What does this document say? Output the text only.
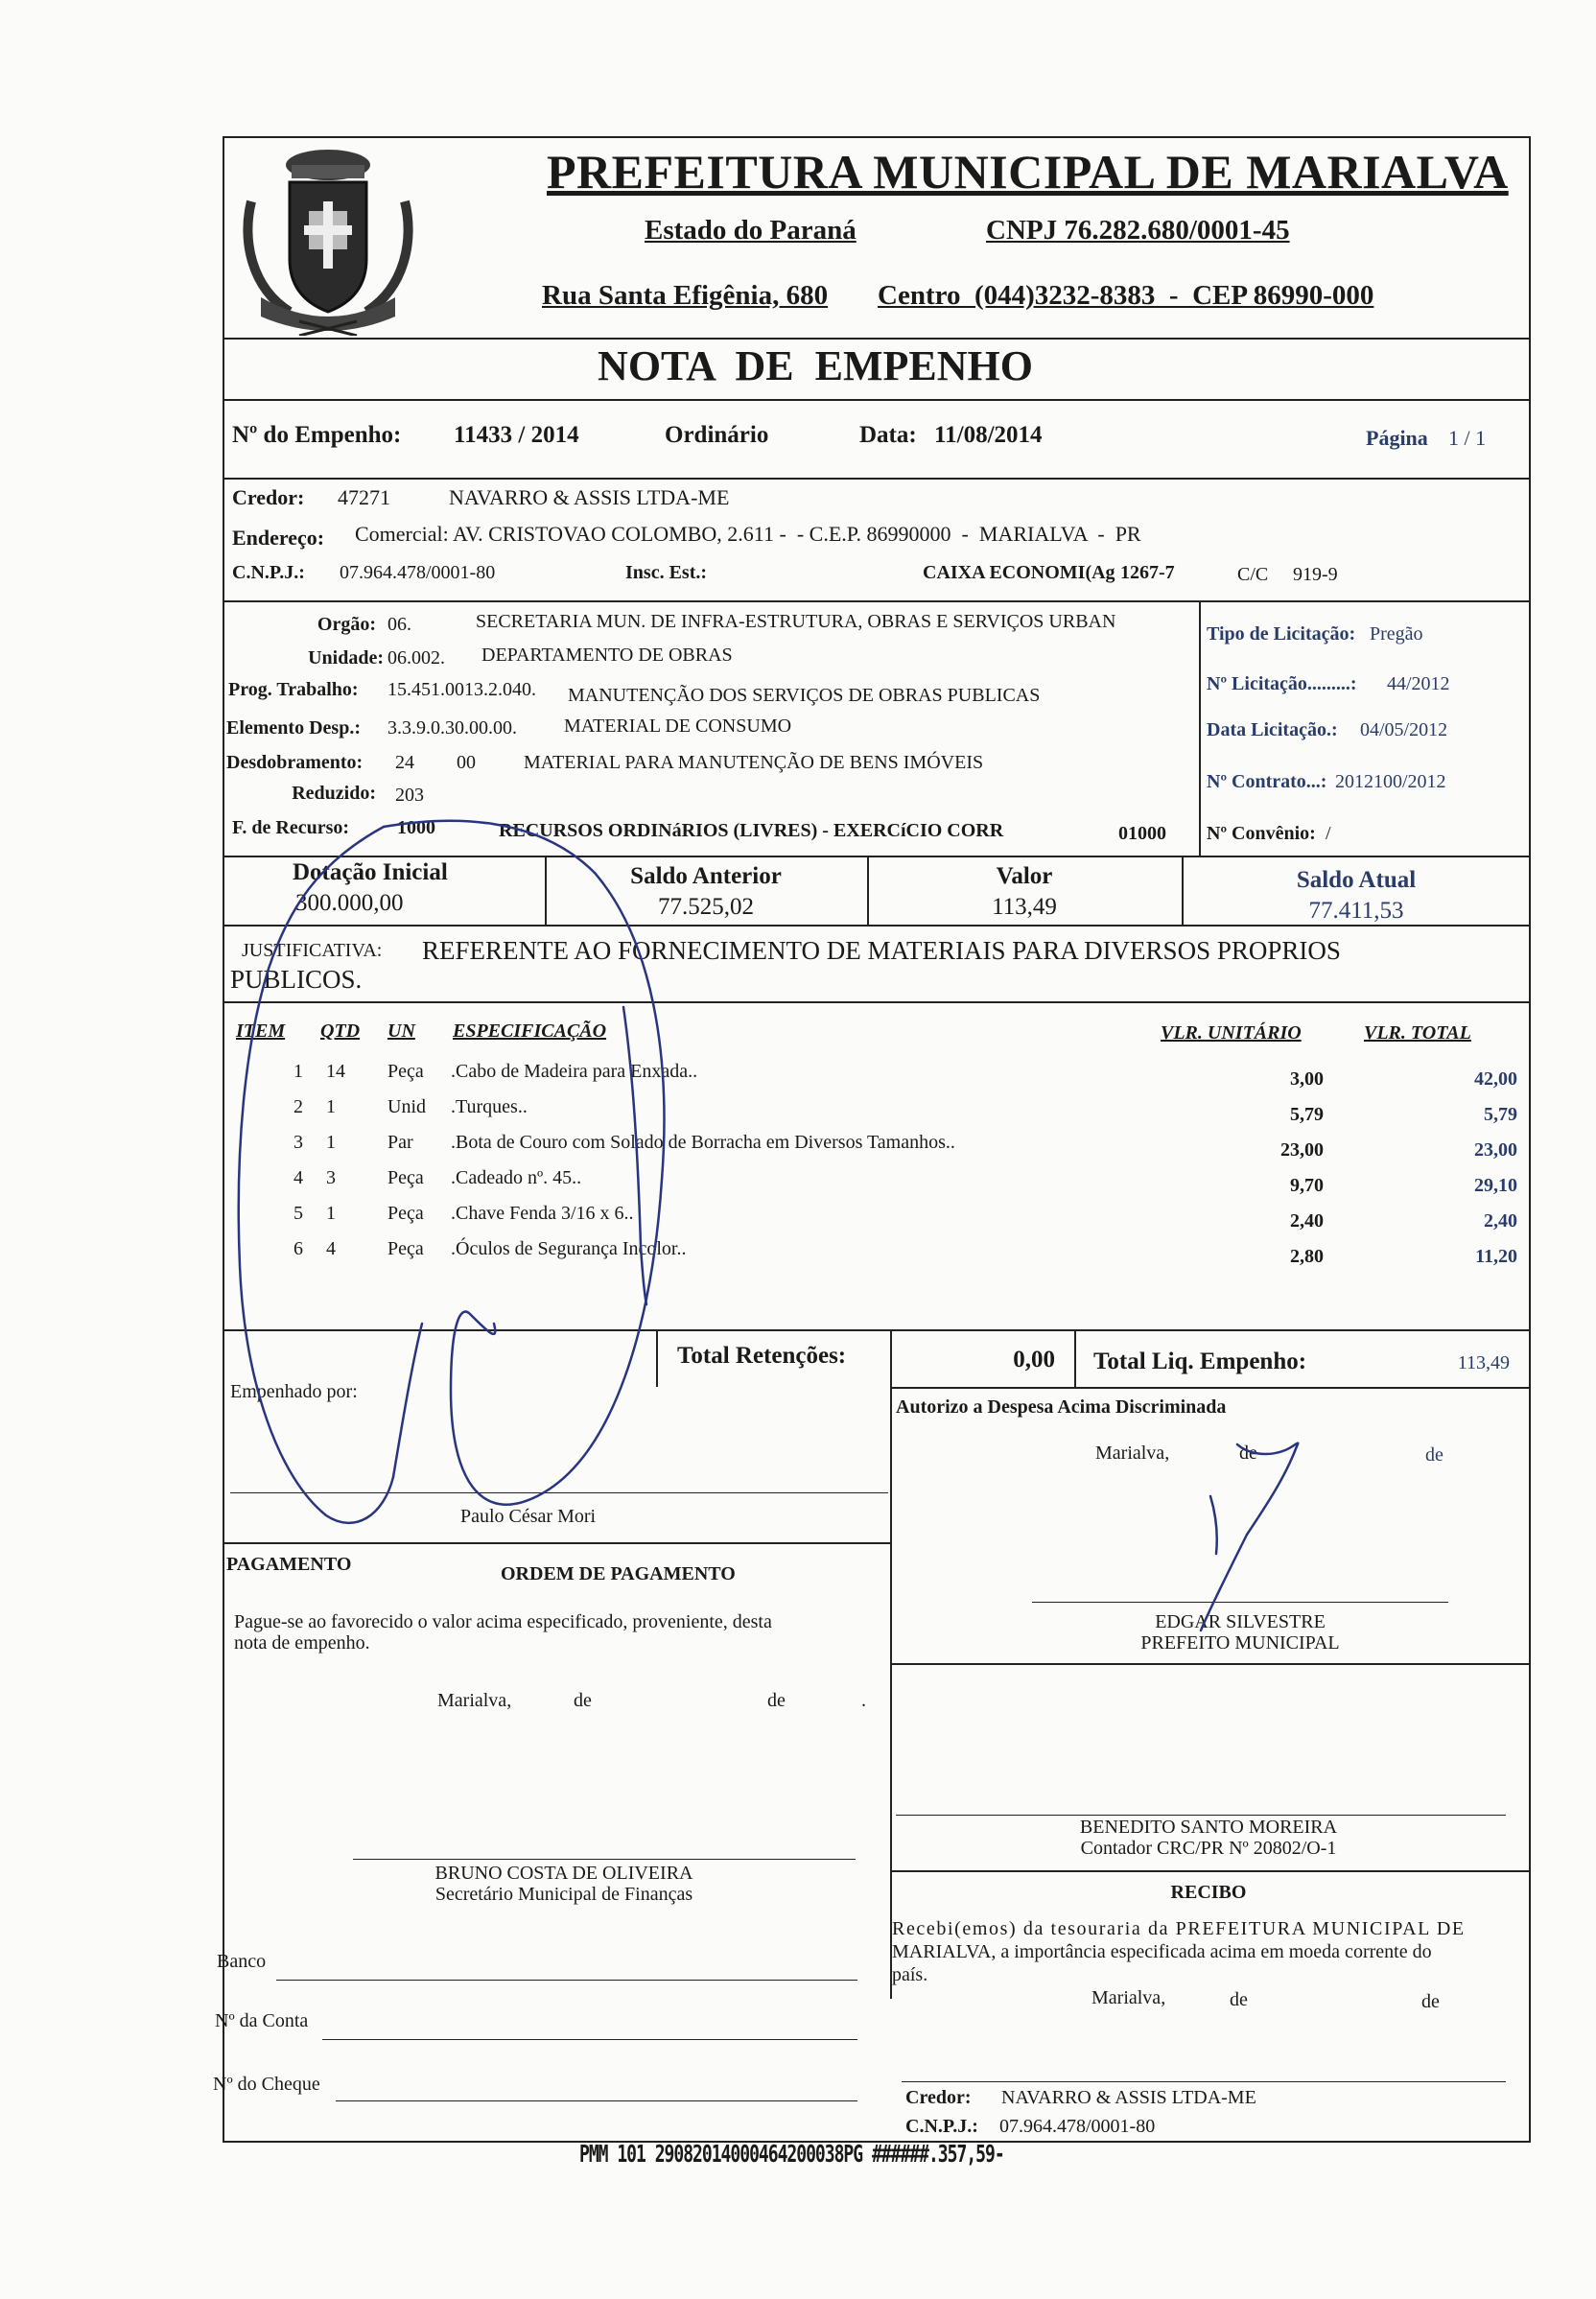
PREFEITURA MUNICIPAL DE MARIALVA
Estado do Paraná	CNPJ 76.282.680/0001-45
Rua Santa Efigênia, 680 Centro  (044)3232-8383  -  CEP 86990-000
NOTA  DE  EMPENHO
Nº do Empenho: 11433 / 2014	Ordinário	Data: 11/08/2014	Página 1 / 1
Credor: 47271	NAVARRO & ASSIS LTDA-ME
Endereço: Comercial: AV. CRISTOVAO COLOMBO, 2.611 -  - C.E.P. 86990000  -  MARIALVA  -  PR
C.N.P.J.: 07.964.478/0001-80	Insc. Est.:	CAIXA ECONOMI(Ag 1267-7	C/C 919-9
Orgão: 06.	SECRETARIA MUN. DE INFRA-ESTRUTURA, OBRAS E SERVIÇOS URBAN
Unidade: 06.002. DEPARTAMENTO DE OBRAS
Prog. Trabalho: 15.451.0013.2.040. MANUTENÇÃO DOS SERVIÇOS DE OBRAS PUBLICAS
Elemento Desp.: 3.3.9.0.30.00.00. MATERIAL DE CONSUMO
Desdobramento: 24 00	MATERIAL PARA MANUTENÇÃO DE BENS IMÓVEIS
Reduzido: 203
F. de Recurso: 1000	RECURSOS ORDINáRIOS (LIVRES) - EXERCíCIO CORR	01000
Tipo de Licitação: Pregão
Nº Licitação.........: 44/2012
Data Licitação.: 04/05/2012
Nº Contrato...: 2012100/2012
Nº Convênio: /
Dotação Inicial
300.000,00
Saldo Anterior
77.525,02
Valor
113,49
Saldo Atual
77.411,53
JUSTIFICATIVA: REFERENTE AO FORNECIMENTO DE MATERIAIS PARA DIVERSOS PROPRIOS
PUBLICOS.
ITEM QTD UN ESPECIFICAÇÃO	VLR. UNITÁRIO	VLR. TOTAL
1 14	Peça	.Cabo de Madeira para Enxada..	3,00	42,00
2 1	Unid	.Turques..	5,79	5,79
3 1	Par	.Bota de Couro com Solado de Borracha em Diversos Tamanhos..	23,00	23,00
4 3	Peça	.Cadeado nº. 45..	9,70	29,10
5 1	Peça	.Chave Fenda 3/16 x 6..	2,40	2,40
6 4	Peça	.Óculos de Segurança Incolor..	2,80	11,20
Total Retenções:	0,00 Total Liq. Empenho:	113,49
Empenhado por:
Paulo César Mori
Autorizo a Despesa Acima Discriminada
Marialva,	de	de
EDGAR SILVESTRE
PREFEITO MUNICIPAL
PAGAMENTO	ORDEM DE PAGAMENTO
Pague-se ao favorecido o valor acima especificado, proveniente, desta
nota de empenho.
Marialva,	de	de	.
BRUNO COSTA DE OLIVEIRA
Secretário Municipal de Finanças
Banco
Nº da Conta
Nº do Cheque
BENEDITO SANTO MOREIRA
Contador CRC/PR Nº 20802/O-1
RECIBO
Recebi(emos) da tesouraria da PREFEITURA MUNICIPAL DE
MARIALVA, a importância especificada acima em moeda corrente do
país.
Marialva,	de	de
Credor: NAVARRO & ASSIS LTDA-ME
C.N.P.J.: 07.964.478/0001-80
PMM 101 29082014000464200038PG ######.357,59-
